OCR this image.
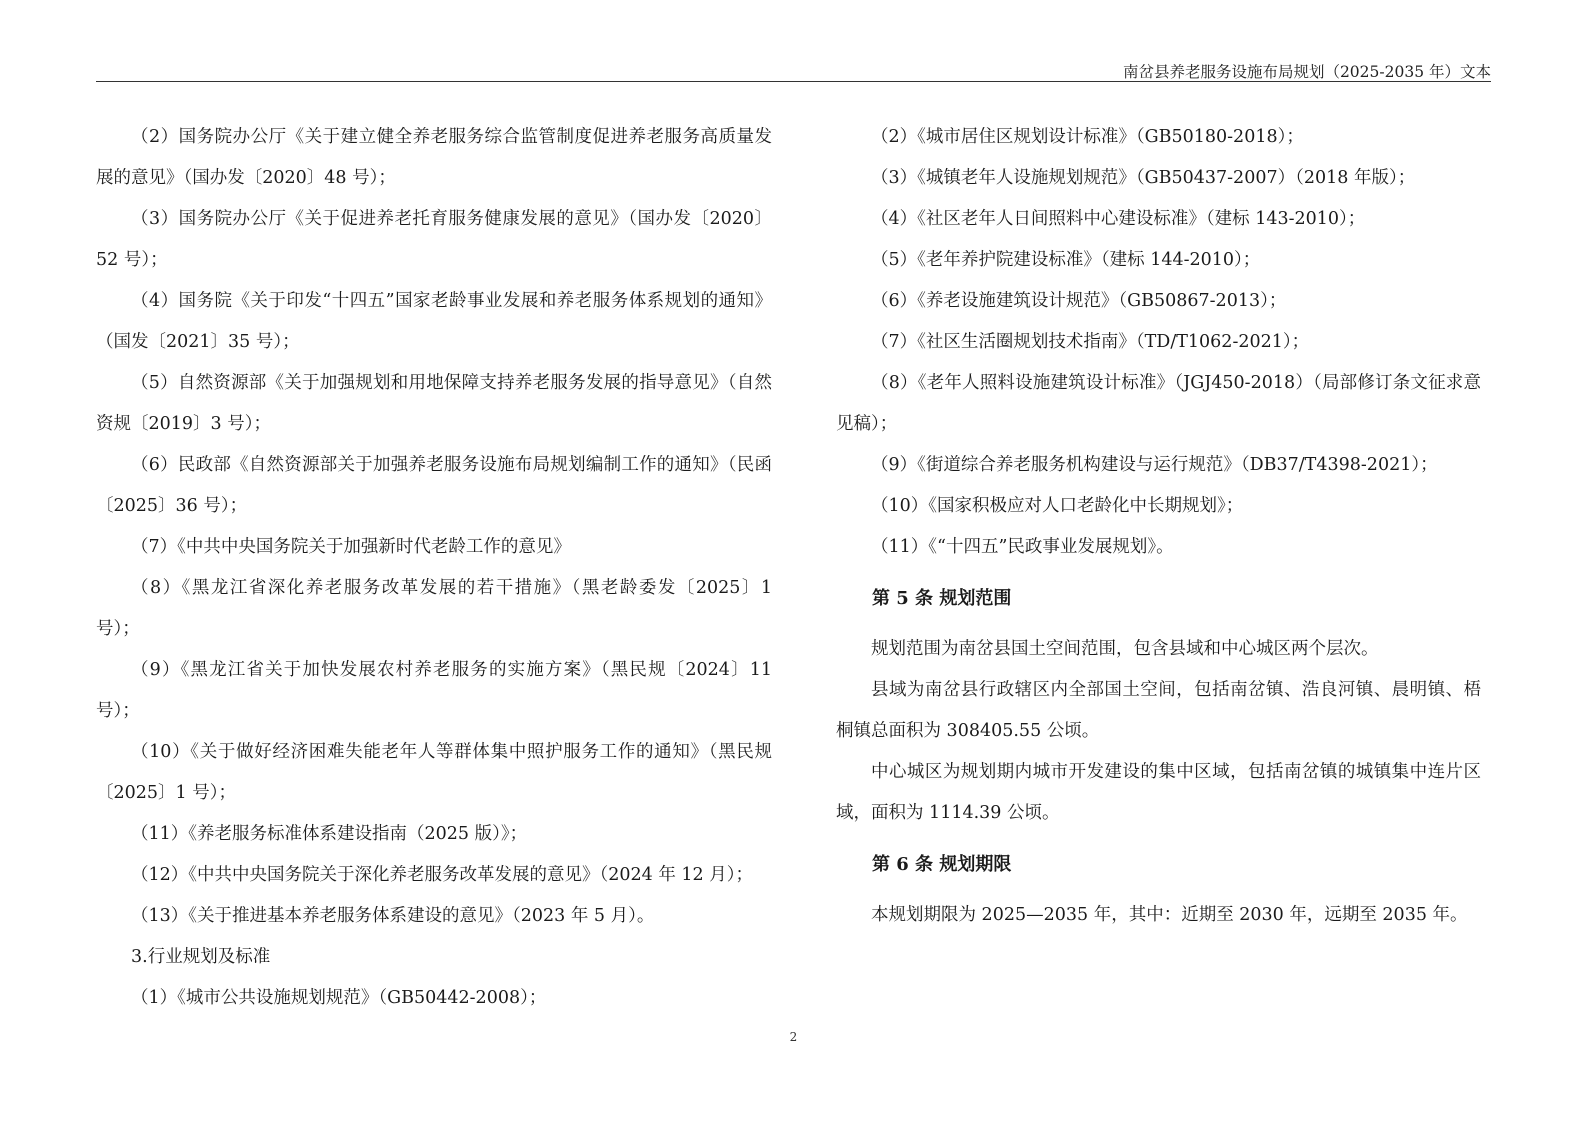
南岔县养老服务设施布局规划（2025-2035 年）文本

（2）国务院办公厅《关于建立健全养老服务综合监管制度促进养老服务高质量发展的意见》（国办发〔2020〕48 号）；

（3）国务院办公厅《关于促进养老托育服务健康发展的意见》（国办发〔2020〕52 号）；

（4）国务院《关于印发“十四五”国家老龄事业发展和养老服务体系规划的通知》（国发〔2021〕35 号）；

（5）自然资源部《关于加强规划和用地保障支持养老服务发展的指导意见》（自然资规〔2019〕3 号）；

（6）民政部《自然资源部关于加强养老服务设施布局规划编制工作的通知》（民函〔2025〕36 号）；

（7）《中共中央国务院关于加强新时代老龄工作的意见》

（8）《黑龙江省深化养老服务改革发展的若干措施》（黑老龄委发〔2025〕1 号）；

（9）《黑龙江省关于加快发展农村养老服务的实施方案》（黑民规〔2024〕11 号）；

（10）《关于做好经济困难失能老年人等群体集中照护服务工作的通知》（黑民规〔2025〕1 号）；

（11）《养老服务标准体系建设指南（2025 版）》；

（12）《中共中央国务院关于深化养老服务改革发展的意见》（2024 年 12 月）；

（13）《关于推进基本养老服务体系建设的意见》（2023 年 5 月）。

3.行业规划及标准

（1）《城市公共设施规划规范》（GB50442-2008）；

（2）《城市居住区规划设计标准》（GB50180-2018）；

（3）《城镇老年人设施规划规范》（GB50437-2007）（2018 年版）；

（4）《社区老年人日间照料中心建设标准》（建标 143-2010）；

（5）《老年养护院建设标准》（建标 144-2010）；

（6）《养老设施建筑设计规范》（GB50867-2013）；

（7）《社区生活圈规划技术指南》（TD/T1062-2021）；

（8）《老年人照料设施建筑设计标准》（JGJ450-2018）（局部修订条文征求意见稿）；

（9）《街道综合养老服务机构建设与运行规范》（DB37/T4398-2021）；

（10）《国家积极应对人口老龄化中长期规划》；

（11）《“十四五”民政事业发展规划》。

第 5 条 规划范围

规划范围为南岔县国土空间范围，包含县域和中心城区两个层次。

县域为南岔县行政辖区内全部国土空间，包括南岔镇、浩良河镇、晨明镇、梧桐镇总面积为 308405.55 公顷。

中心城区为规划期内城市开发建设的集中区域，包括南岔镇的城镇集中连片区域，面积为 1114.39 公顷。

第 6 条 规划期限

本规划期限为 2025—2035 年，其中：近期至 2030 年，远期至 2035 年。

2
